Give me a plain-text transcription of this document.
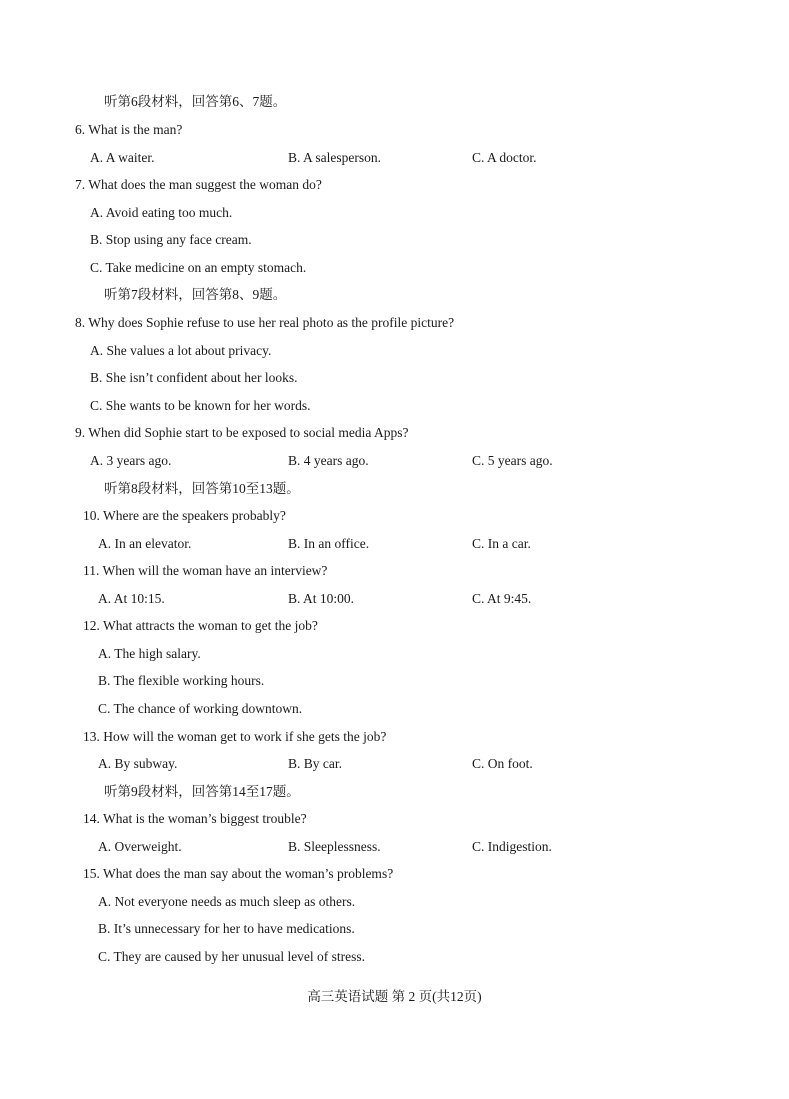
听第6段材料，回答第6、7题。
6. What is the man?
A. A waiter.	B. A salesperson.	C. A doctor.
7. What does the man suggest the woman do?
A. Avoid eating too much.
B. Stop using any face cream.
C. Take medicine on an empty stomach.
听第7段材料，回答第8、9题。
8. Why does Sophie refuse to use her real photo as the profile picture?
A. She values a lot about privacy.
B. She isn’t confident about her looks.
C. She wants to be known for her words.
9. When did Sophie start to be exposed to social media Apps?
A. 3 years ago.	B. 4 years ago.	C. 5 years ago.
听第8段材料，回答第10至13题。
10. Where are the speakers probably?
A. In an elevator.	B. In an office.	C. In a car.
11. When will the woman have an interview?
A. At 10:15.	B. At 10:00.	C. At 9:45.
12. What attracts the woman to get the job?
A. The high salary.
B. The flexible working hours.
C. The chance of working downtown.
13. How will the woman get to work if she gets the job?
A. By subway.	B. By car.	C. On foot.
听第9段材料，回答第14至17题。
14. What is the woman’s biggest trouble?
A. Overweight.	B. Sleeplessness.	C. Indigestion.
15. What does the man say about the woman’s problems?
A. Not everyone needs as much sleep as others.
B. It’s unnecessary for her to have medications.
C. They are caused by her unusual level of stress.
高三英语试题 第 2 页(共12页)
